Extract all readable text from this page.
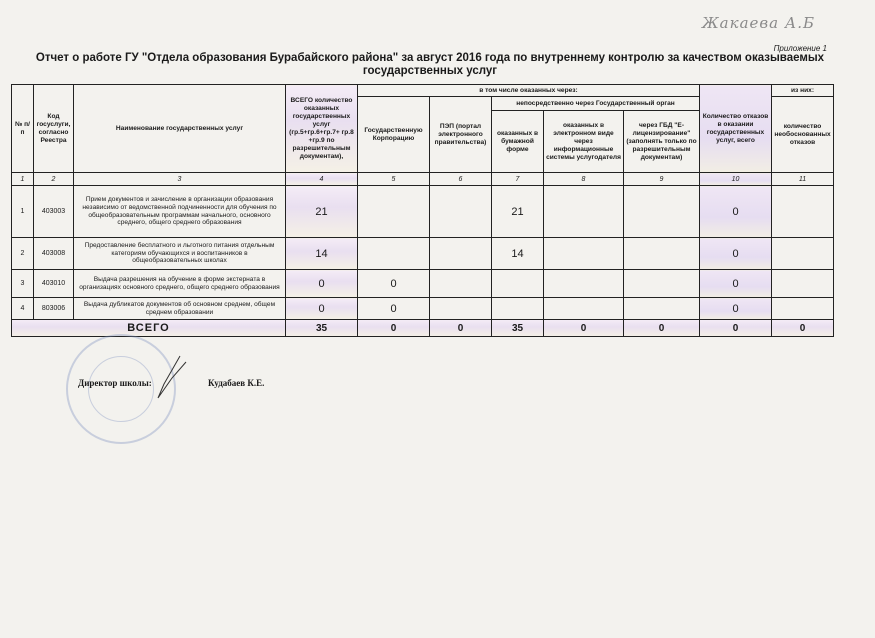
Жакаева А.Б
Приложение 1
Отчет о работе ГУ "Отдела образования Бурабайского района" за август 2016 года по внутреннему контролю за качеством оказываемых государственных услуг
№ п/п	Код госуслуги, согласно Реестра	Наименование государственных услуг	ВСЕГО количество оказанных государственных услуг (гр.5+гр.6+гр.7+ гр.8 +гр.9 по разрешительным документам),	в том числе оказанных через:					Количество отказов в оказании государственных услуг, всего	из них:
				Государственную Корпорацию	ПЭП (портал электронного правительства)	непосредственно через Государственный орган				количество необоснованных отказов
						оказанных в бумажной форме	оказанных в электронном виде через информационные системы услугодателя	через ГБД "Е-лицензирование" (заполнять только по разрешительным документам)		
1	2	3	4	5	6	7	8	9	10	11
1	403003	Прием документов и зачисление в организации образования независимо от ведомственной подчиненности для обучения по общеобразовательным программам начального, основного среднего, общего среднего образования	21			21			0	
2	403008	Предоставление бесплатного и льготного питания отдельным категориям обучающихся и воспитанников в общеобразовательных школах	14			14			0	
3	403010	Выдача разрешения на обучение в форме экстерната в организациях основного среднего, общего среднего образования	0	0					0	
4	803006	Выдача дубликатов документов об основном среднем, общем среднем образовании	0	0					0	
ВСЕГО			35	0	0	35	0	0	0	0
Директор школы:	Кудабаев К.Е.
